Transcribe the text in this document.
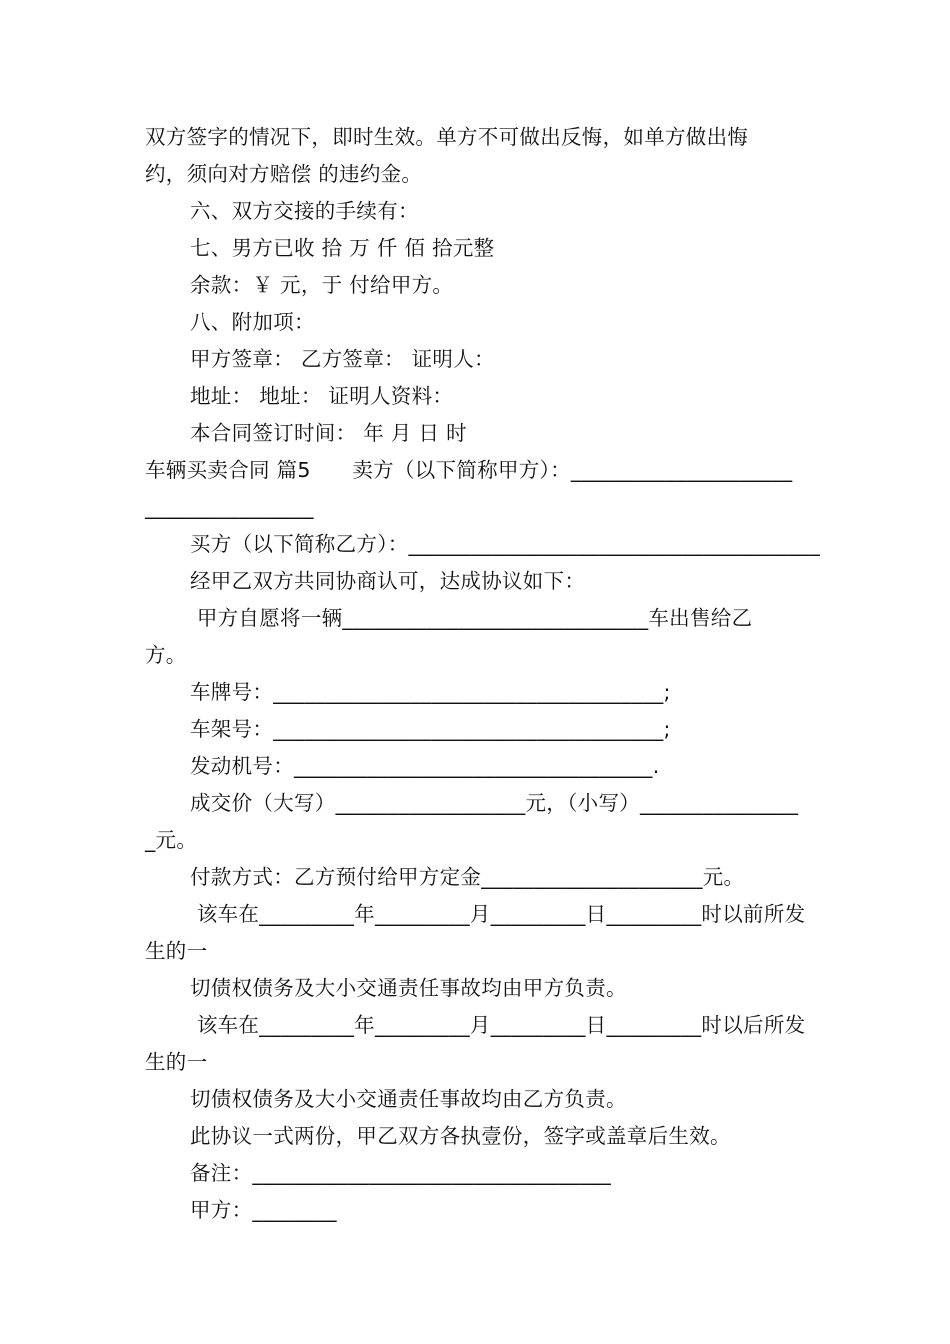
双方签字的情况下，即时生效。单方不可做出反悔，如单方做出悔
约，须向对方赔偿 的违约金。
六、双方交接的手续有：
七、男方已收 拾 万 仟 佰 拾元整
余款：￥ 元，于 付给甲方。
八、附加项：
甲方签章： 乙方签章： 证明人：
地址： 地址： 证明人资料：
本合同签订时间： 年 月 日 时
车辆买卖合同 篇5　　卖方（以下简称甲方）：_____________________
________________
买方（以下简称乙方）：_______________________________________
经甲乙双方共同协商认可，达成协议如下：
甲方自愿将一辆_____________________________车出售给乙
方。
车牌号：_____________________________________;
车架号：_____________________________________;
发动机号：__________________________________.
成交价（大写）__________________元，（小写）_______________
_元。
付款方式：乙方预付给甲方定金_____________________元。
该车在_________年_________月_________日_________时以前所发
生的一
切债权债务及大小交通责任事故均由甲方负责。
该车在_________年_________月_________日_________时以后所发
生的一
切债权债务及大小交通责任事故均由乙方负责。
此协议一式两份，甲乙双方各执壹份，签字或盖章后生效。
备注：__________________________________
甲方：________
